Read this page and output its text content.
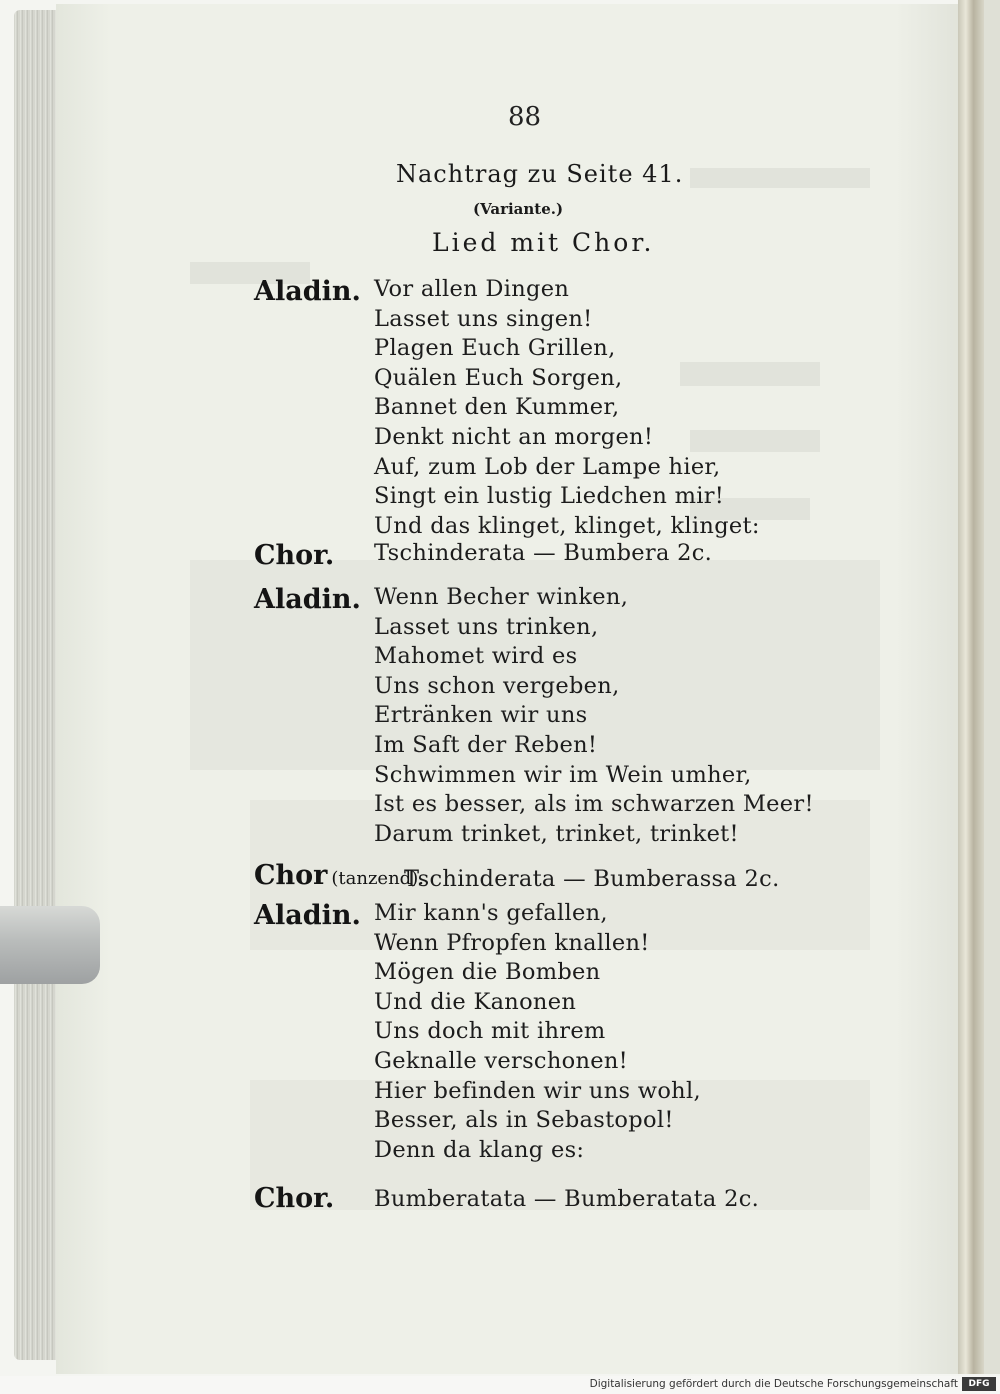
88
Nachtrag zu Seite 41.
(Variante.)
Lied mit Chor.
Aladin. Vor allen Dingen
Lasset uns singen!
Plagen Euch Grillen,
Quälen Euch Sorgen,
Bannet den Kummer,
Denkt nicht an morgen!
Auf, zum Lob der Lampe hier,
Singt ein lustig Liedchen mir!
Und das klinget, klinget, klinget:
Chor. Tschinderata — Bumbera 2c.
Aladin. Wenn Becher winken,
Lasset uns trinken,
Mahomet wird es
Uns schon vergeben,
Ertränken wir uns
Im Saft der Reben!
Schwimmen wir im Wein umher,
Ist es besser, als im schwarzen Meer!
Darum trinket, trinket, trinket!
Chor (tanzend).
Tschinderata — Bumberassa 2c.
Aladin. Mir kann's gefallen,
Wenn Pfropfen knallen!
Mögen die Bomben
Und die Kanonen
Uns doch mit ihrem
Geknalle verschonen!
Hier befinden wir uns wohl,
Besser, als in Sebastopol!
Denn da klang es:
Chor. Bumberatata — Bumberatata 2c.
Digitalisierung gefördert durch die Deutsche Forschungsgemeinschaft	DFG
